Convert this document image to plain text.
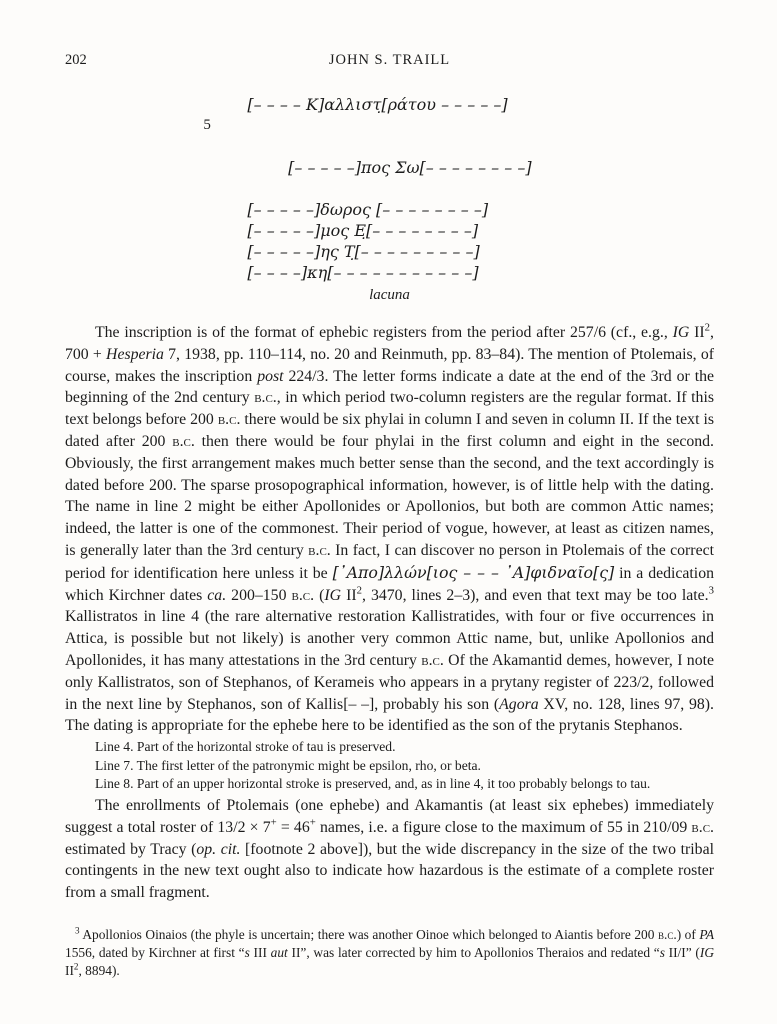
202	JOHN S. TRAILL
[– – – – Κ]αλλιστ̣[ράτου – – – – –]

5

[– – – – –]πος Σω[– – – – – – – –]

[– – – – –]δωρος [– – – – – – – –]
[– – – – –]μος Ε̣[– – – – – – – –]
[– – – – –]ης Τ̣[– – – – – – – – –]
[– – – –]κη[– – – – – – – – – – –]
lacuna

The inscription is of the format of ephebic registers from the period after 257/6 (cf., e.g., IG $II^2$, 700 + Hesperia 7, 1938, pp. 110–114, no. 20 and Reinmuth, pp. 83–84). The mention of Ptolemais, of course, makes the inscription post 224/3. The letter forms indicate a date at the end of the 3rd or the beginning of the 2nd century b.c., in which period two-column registers are the regular format. If this text belongs before 200 b.c. there would be six phylai in column I and seven in column II. If the text is dated after 200 b.c. then there would be four phylai in the first column and eight in the second. Obviously, the first arrangement makes much better sense than the second, and the text accordingly is dated before 200. The sparse prosopographical information, however, is of little help with the dating. The name in line 2 might be either Apollonides or Apollonios, but both are common Attic names; indeed, the latter is one of the commonest. Their period of vogue, however, at least as citizen names, is generally later than the 3rd century b.c. In fact, I can discover no person in Ptolemais of the correct period for identification here unless it be [᾿Απο]λλών[ιος – – – ᾿Α]φιδναῖο[ς] in a dedication which Kirchner dates ca. 200–150 b.c. (IG $II^2$, 3470, lines 2–3), and even that text may be too late.$^3$ Kallistratos in line 4 (the rare alternative restoration Kallistratides, with four or five occurrences in Attica, is possible but not likely) is another very common Attic name, but, unlike Apollonios and Apollonides, it has many attestations in the 3rd century b.c. Of the Akamantid demes, however, I note only Kallistratos, son of Stephanos, of Kerameis who appears in a prytany register of 223/2, followed in the next line by Stephanos, son of Kallis[– –], probably his son (Agora XV, no. 128, lines 97, 98). The dating is appropriate for the ephebe here to be identified as the son of the prytanis Stephanos.

Line 4. Part of the horizontal stroke of tau is preserved.

Line 7. The first letter of the patronymic might be epsilon, rho, or beta.

Line 8. Part of an upper horizontal stroke is preserved, and, as in line 4, it too probably belongs to tau.

The enrollments of Ptolemais (one ephebe) and Akamantis (at least six ephebes) immediately suggest a total roster of 13/2 × 7+ = 46+ names, i.e. a figure close to the maximum of 55 in 210/09 b.c. estimated by Tracy (op. cit. [footnote 2 above]), but the wide discrepancy in the size of the two tribal contingents in the new text ought also to indicate how hazardous is the estimate of a complete roster from a small fragment.

$^3$ Apollonios Oinaios (the phyle is uncertain; there was another Oinoe which belonged to Aiantis before 200 b.c.) of PA 1556, dated by Kirchner at first “s III aut II”, was later corrected by him to Apollonios Theraios and redated “s II/I” (IG $II^2$, 8894).
